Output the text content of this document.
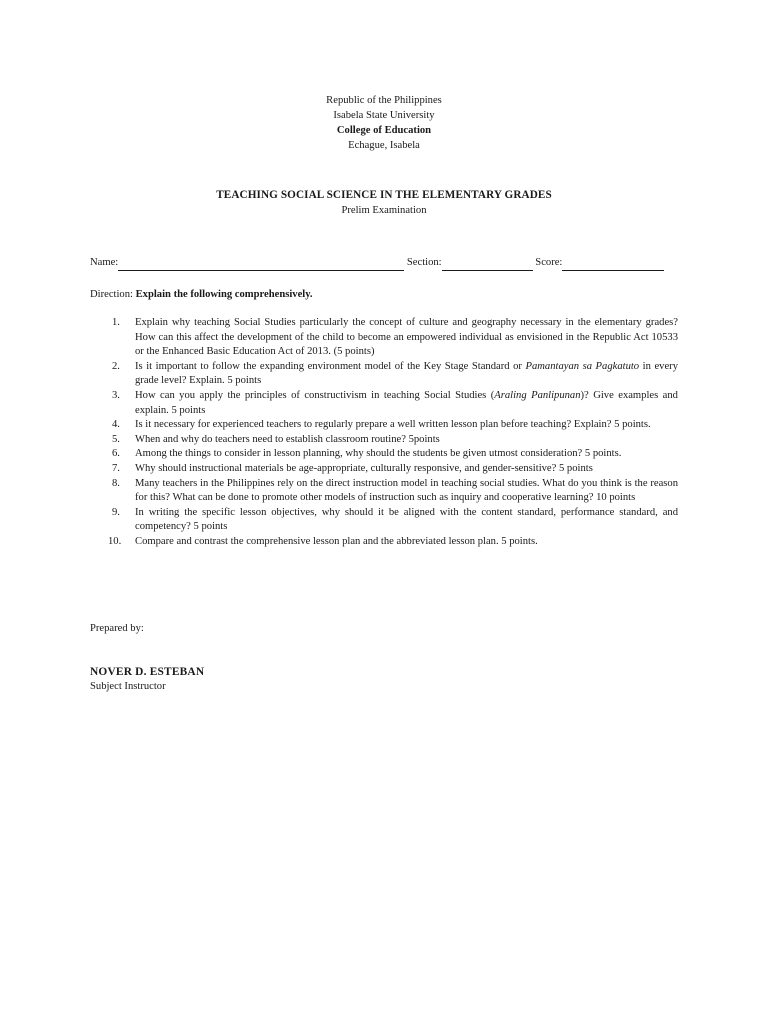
Republic of the Philippines
Isabela State University
College of Education
Echague, Isabela
TEACHING SOCIAL SCIENCE IN THE ELEMENTARY GRADES
Prelim Examination
Name:	Section:	Score:
Direction: Explain the following comprehensively.
1. Explain why teaching Social Studies particularly the concept of culture and geography necessary in the elementary grades? How can this affect the development of the child to become an empowered individual as envisioned in the Republic Act 10533 or the Enhanced Basic Education Act of 2013. (5 points)
2. Is it important to follow the expanding environment model of the Key Stage Standard or Pamantayan sa Pagkatuto in every grade level? Explain. 5 points
3. How can you apply the principles of constructivism in teaching Social Studies (Araling Panlipunan)? Give examples and explain. 5 points
4. Is it necessary for experienced teachers to regularly prepare a well written lesson plan before teaching? Explain? 5 points.
5. When and why do teachers need to establish classroom routine? 5points
6. Among the things to consider in lesson planning, why should the students be given utmost consideration? 5 points.
7. Why should instructional materials be age-appropriate, culturally responsive, and gender-sensitive? 5 points
8. Many teachers in the Philippines rely on the direct instruction model in teaching social studies. What do you think is the reason for this? What can be done to promote other models of instruction such as inquiry and cooperative learning? 10 points
9. In writing the specific lesson objectives, why should it be aligned with the content standard, performance standard, and competency? 5 points
10. Compare and contrast the comprehensive lesson plan and the abbreviated lesson plan. 5 points.
Prepared by:
NOVER D. ESTEBAN
Subject Instructor
